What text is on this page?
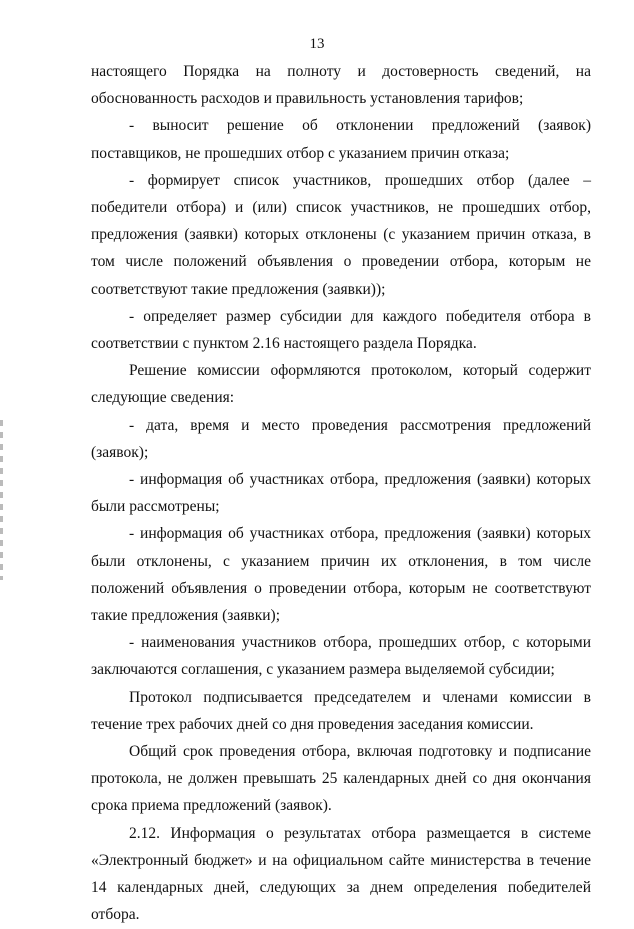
13

настоящего Порядка на полноту и достоверность сведений, на обоснованность расходов и правильность установления тарифов;

- выносит решение об отклонении предложений (заявок) поставщиков, не прошедших отбор с указанием причин отказа;

- формирует список участников, прошедших отбор (далее – победители отбора) и (или) список участников, не прошедших отбор, предложения (заявки) которых отклонены (с указанием причин отказа, в том числе положений объявления о проведении отбора, которым не соответствуют такие предложения (заявки));

- определяет размер субсидии для каждого победителя отбора в соответствии с пунктом 2.16 настоящего раздела Порядка.

Решение комиссии оформляются протоколом, который содержит следующие сведения:

- дата, время и место проведения рассмотрения предложений (заявок);

- информация об участниках отбора, предложения (заявки) которых были рассмотрены;

- информация об участниках отбора, предложения (заявки) которых были отклонены, с указанием причин их отклонения, в том числе положений объявления о проведении отбора, которым не соответствуют такие предложения (заявки);

- наименования участников отбора, прошедших отбор, с которыми заключаются соглашения, с указанием размера выделяемой субсидии;

Протокол подписывается председателем и членами комиссии в течение трех рабочих дней со дня проведения заседания комиссии.

Общий срок проведения отбора, включая подготовку и подписание протокола, не должен превышать 25 календарных дней со дня окончания срока приема предложений (заявок).

2.12. Информация о результатах отбора размещается в системе «Электронный бюджет» и на официальном сайте министерства в течение 14 календарных дней, следующих за днем определения победителей отбора.
